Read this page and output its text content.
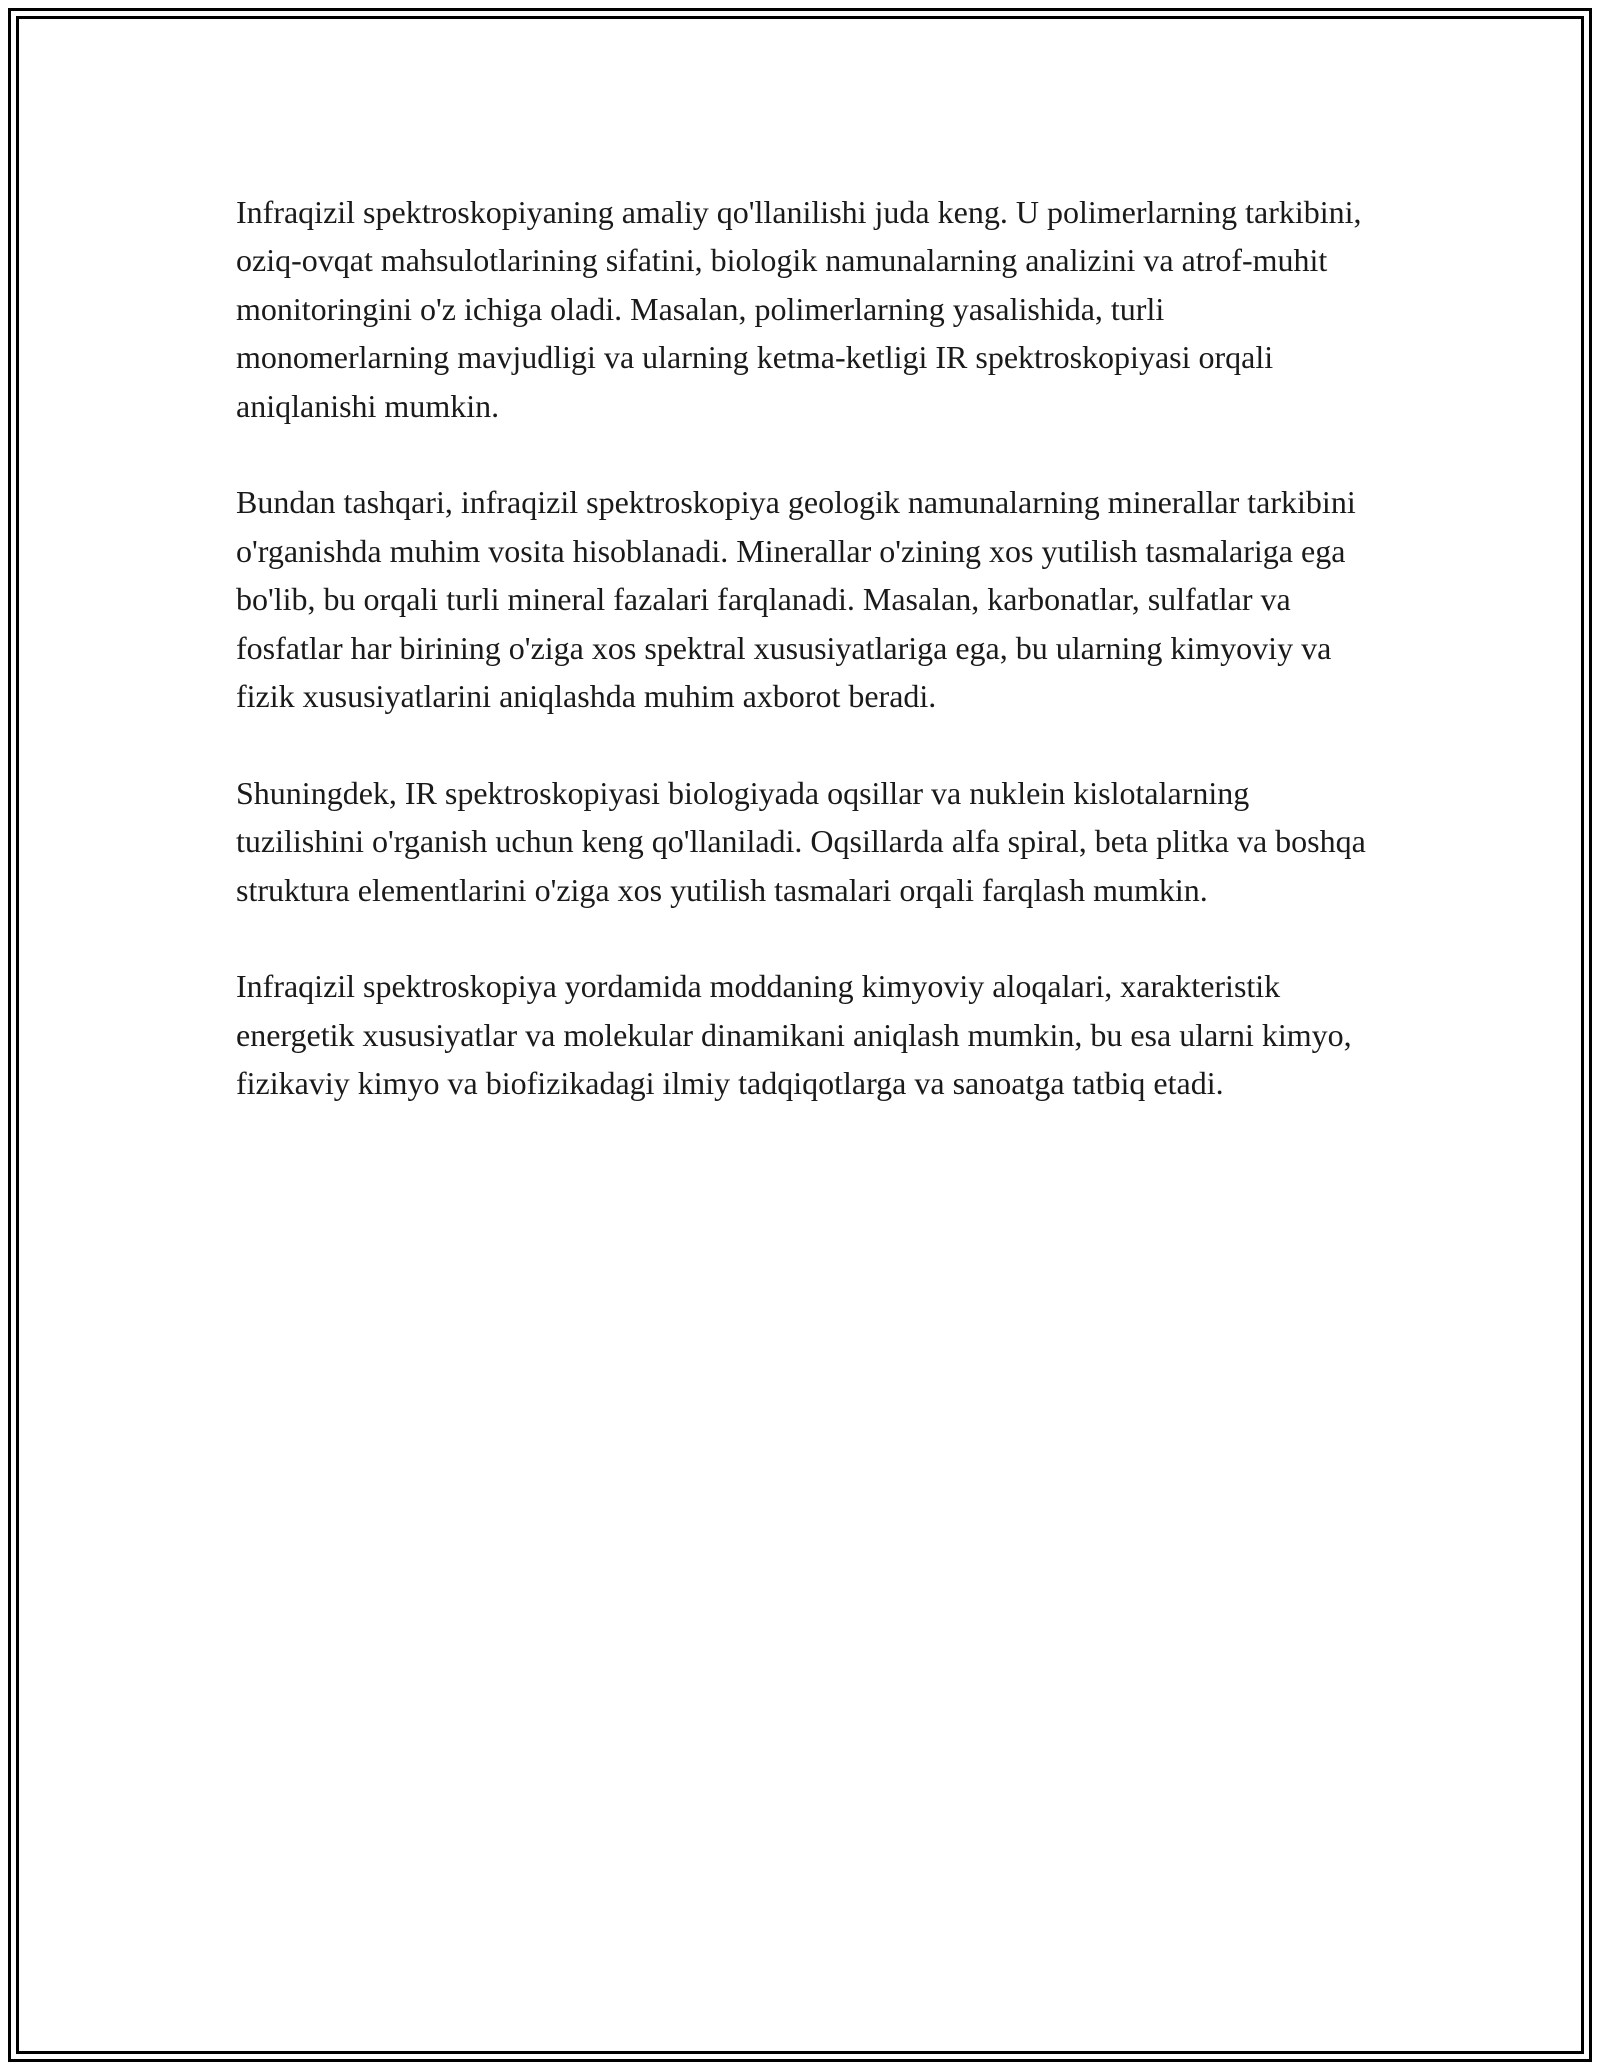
Infraqizil spektroskopiyaning amaliy qo'llanilishi juda keng. U polimerlarning tarkibini, oziq-ovqat mahsulotlarining sifatini, biologik namunalarning analizini va atrof-muhit monitoringini o'z ichiga oladi. Masalan, polimerlarning yasalishida, turli monomerlarning mavjudligi va ularning ketma-ketligi IR spektroskopiyasi orqali aniqlanishi mumkin.

Bundan tashqari, infraqizil spektroskopiya geologik namunalarning minerallar tarkibini o'rganishda muhim vosita hisoblanadi. Minerallar o'zining xos yutilish tasmalariga ega bo'lib, bu orqali turli mineral fazalari farqlanadi. Masalan, karbonatlar, sulfatlar va fosfatlar har birining o'ziga xos spektral xususiyatlariga ega, bu ularning kimyoviy va fizik xususiyatlarini aniqlashda muhim axborot beradi.

Shuningdek, IR spektroskopiyasi biologiyada oqsillar va nuklein kislotalarning tuzilishini o'rganish uchun keng qo'llaniladi. Oqsillarda alfa spiral, beta plitka va boshqa struktura elementlarini o'ziga xos yutilish tasmalari orqali farqlash mumkin.

Infraqizil spektroskopiya yordamida moddaning kimyoviy aloqalari, xarakteristik energetik xususiyatlar va molekular dinamikani aniqlash mumkin, bu esa ularni kimyo, fizikaviy kimyo va biofizikadagi ilmiy tadqiqotlarga va sanoatga tatbiq etadi.
